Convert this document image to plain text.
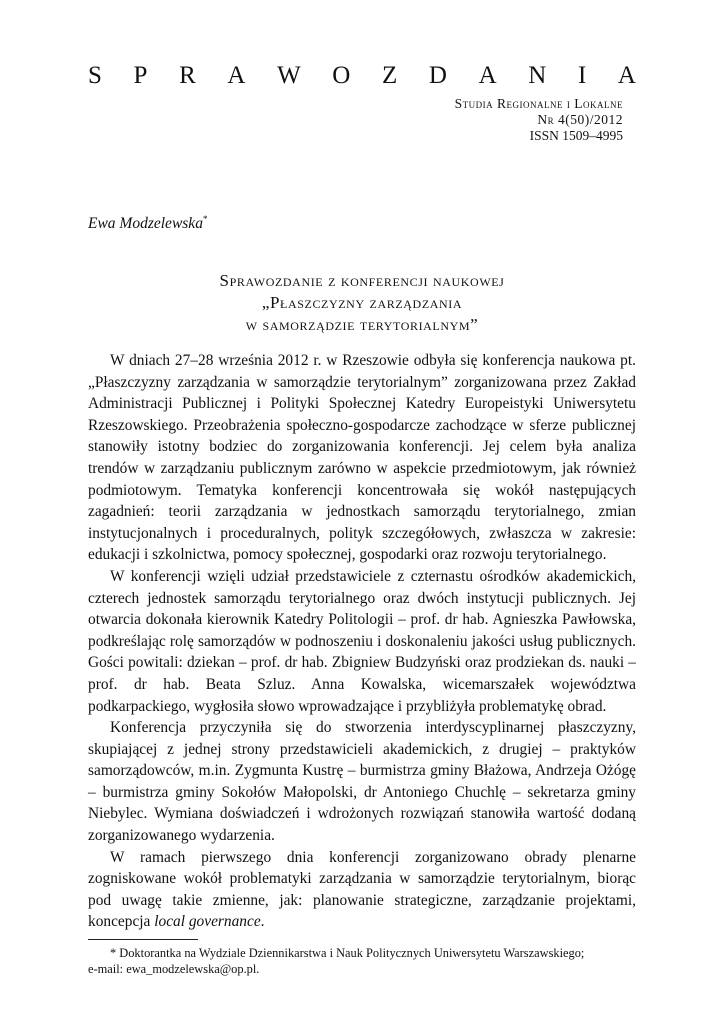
S P R A W O Z D A N I A
Studia Regionalne i Lokalne
Nr 4(50)/2012
ISSN 1509–4995
Ewa Modzelewska*
Sprawozdanie z konferencji naukowej
„Płaszczyzny zarządzania
w samorządzie terytorialnym”

W dniach 27–28 września 2012 r. w Rzeszowie odbyła się konferencja naukowa pt. „Płaszczyzny zarządzania w samorządzie terytorialnym” zorganizowana przez Zakład Administracji Publicznej i Polityki Społecznej Katedry Europeistyki Uniwersytetu Rzeszowskiego. Przeobrażenia społeczno-gospodarcze zachodzące w sferze publicznej stanowiły istotny bodziec do zorganizowania konferencji. Jej celem była analiza trendów w zarządzaniu publicznym zarówno w aspekcie przedmiotowym, jak również podmiotowym. Tematyka konferencji koncentrowała się wokół następujących zagadnień: teorii zarządzania w jednostkach samorządu terytorialnego, zmian instytucjonalnych i proceduralnych, polityk szczegółowych, zwłaszcza w zakresie: edukacji i szkolnictwa, pomocy społecznej, gospodarki oraz rozwoju terytorialnego.

W konferencji wzięli udział przedstawiciele z czternastu ośrodków akademickich, czterech jednostek samorządu terytorialnego oraz dwóch instytucji publicznych. Jej otwarcia dokonała kierownik Katedry Politologii – prof. dr hab. Agnieszka Pawłowska, podkreślając rolę samorządów w podnoszeniu i doskonaleniu jakości usług publicznych. Gości powitali: dziekan – prof. dr hab. Zbigniew Budzyński oraz prodziekan ds. nauki – prof. dr hab. Beata Szluz. Anna Kowalska, wicemarszałek województwa podkarpackiego, wygłosiła słowo wprowadzające i przybliżyła problematykę obrad.

Konferencja przyczyniła się do stworzenia interdyscyplinarnej płaszczyzny, skupiającej z jednej strony przedstawicieli akademickich, z drugiej – praktyków samorządowców, m.in. Zygmunta Kustrę – burmistrza gminy Błażowa, Andrzeja Ożógę – burmistrza gminy Sokołów Małopolski, dr Antoniego Chuchlę – sekretarza gminy Niebylec. Wymiana doświadczeń i wdrożonych rozwiązań stanowiła wartość dodaną zorganizowanego wydarzenia.

W ramach pierwszego dnia konferencji zorganizowano obrady plenarne zogniskowane wokół problematyki zarządzania w samorządzie terytorialnym, biorąc pod uwagę takie zmienne, jak: planowanie strategiczne, zarządzanie projektami, koncepcja local governance.

* Doktorantka na Wydziale Dziennikarstwa i Nauk Politycznych Uniwersytetu Warszawskiego;

e-mail: ewa_modzelewska@op.pl.
